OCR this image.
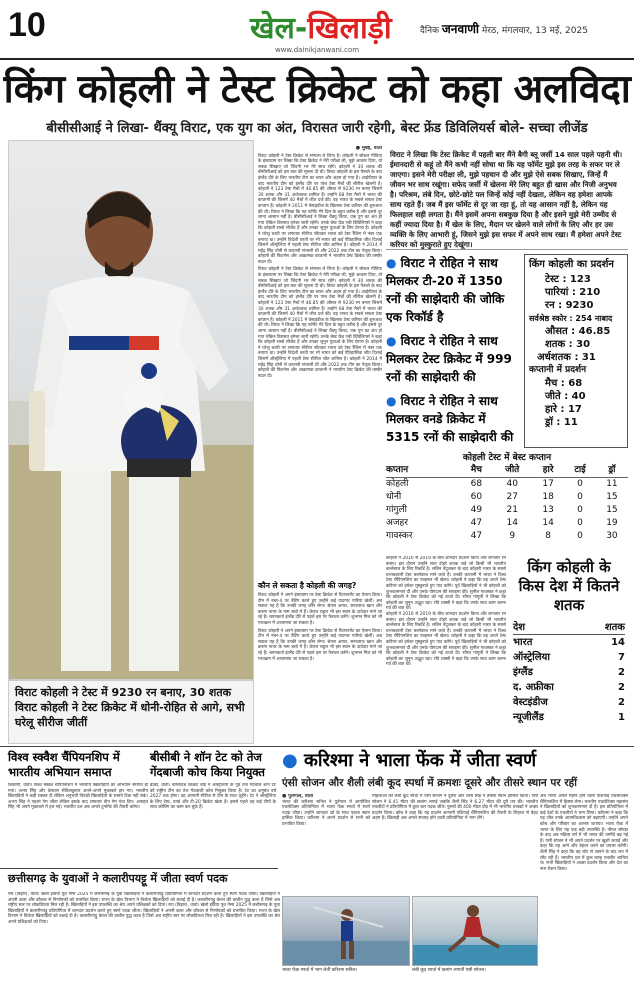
10	खेल-खिलाड़ी	दैनिक जनवाणी मेरठ, मंगलवार, 13 मई, 2025
www.dainikjanwani.com
किंग कोहली ने टेस्ट क्रिकेट को कहा अलविदा
बीसीसीआई ने लिखा- थैंक्यू विराट, एक युग का अंत, विरासत जारी रहेगी, बेस्ट फ्रेंड डिविलियर्स बोले- सच्चा लीजेंड
विराट कोहली ने टेस्ट में 9230 रन बनाए, 30 शतक विराट कोहली ने टेस्ट क्रिकेट में धोनी-रोहित से आगे, सभी घरेलू सीरीज जीतीं

● मुंबई, वार्ता

विराट कोहली ने टेस्ट क्रिकेट से संन्यास ले लिया है। कोहली ने सोशल मीडिया के इंस्टाग्राम पर लिखा कि टेस्ट क्रिकेट ने मेरी परीक्षा ली, मुझे आकार दिया, वो सबक सिखाए जो जिंदगी भर मेरे साथ रहेंगे। कोहली ने 30 शतक की बीसीसीआई को इस बात की सूचना दी थी। विराट कोहली के इस फैसले के बाद इंग्लैंड दौरे के लिए भारतीय टीम का चयन और अहम हो गया है। आईपीएल के बाद भारतीय टीम को इंग्लैंड दौरे पर पांच टेस्ट मैचों की सीरीज खेलनी है। कोहली ने 123 टेस्ट मैचों में 46.85 की औसत से 9230 रन बनाए जिसमें 30 शतक और 31 अर्धशतक शामिल हैं। उन्होंने 68 टेस्ट मैचों में भारत की कप्तानी की जिसमें 40 मैचों में जीत दर्ज की। वह भारत के सबसे सफल टेस्ट कप्तान हैं। कोहली ने 2011 में वेस्टइंडीज के खिलाफ टेस्ट करियर की शुरुआत की थी। विराट ने लिखा कि यह फॉर्मेट मेरे दिल के बहुत करीब है और इससे दूर जाना आसान नहीं है। बीसीसीआई ने लिखा थैंक्यू विराट, एक युग का अंत हो गया लेकिन विरासत हमेशा जारी रहेगी। उनके बेस्ट फ्रेंड एबी डिविलियर्स ने कहा कि कोहली सच्चे लीजेंड हैं और उनका जुनून युवाओं के लिए प्रेरणा है। कोहली ने घरेलू धरती पर लगातार सीरीज जीतकर भारत को टेस्ट रैंकिंग में नंबर एक बनाया था। उन्होंने विदेशी धरती पर भी भारत को कई ऐतिहासिक जीत दिलाईं जिसमें ऑस्ट्रेलिया में पहली टेस्ट सीरीज जीत शामिल है। कोहली ने 2014 में महेंद्र सिंह धोनी से कप्तानी संभाली थी और 2022 तक टीम का नेतृत्व किया। कोहली की फिटनेस और आक्रामक कप्तानी ने भारतीय टेस्ट क्रिकेट की तस्वीर बदल दी।

विराट कोहली ने टेस्ट क्रिकेट से संन्यास ले लिया है। कोहली ने सोशल मीडिया के इंस्टाग्राम पर लिखा कि टेस्ट क्रिकेट ने मेरी परीक्षा ली, मुझे आकार दिया, वो सबक सिखाए जो जिंदगी भर मेरे साथ रहेंगे। कोहली ने 30 शतक की बीसीसीआई को इस बात की सूचना दी थी। विराट कोहली के इस फैसले के बाद इंग्लैंड दौरे के लिए भारतीय टीम का चयन और अहम हो गया है। आईपीएल के बाद भारतीय टीम को इंग्लैंड दौरे पर पांच टेस्ट मैचों की सीरीज खेलनी है। कोहली ने 123 टेस्ट मैचों में 46.85 की औसत से 9230 रन बनाए जिसमें 30 शतक और 31 अर्धशतक शामिल हैं। उन्होंने 68 टेस्ट मैचों में भारत की कप्तानी की जिसमें 40 मैचों में जीत दर्ज की। वह भारत के सबसे सफल टेस्ट कप्तान हैं। कोहली ने 2011 में वेस्टइंडीज के खिलाफ टेस्ट करियर की शुरुआत की थी। विराट ने लिखा कि यह फॉर्मेट मेरे दिल के बहुत करीब है और इससे दूर जाना आसान नहीं है। बीसीसीआई ने लिखा थैंक्यू विराट, एक युग का अंत हो गया लेकिन विरासत हमेशा जारी रहेगी। उनके बेस्ट फ्रेंड एबी डिविलियर्स ने कहा कि कोहली सच्चे लीजेंड हैं और उनका जुनून युवाओं के लिए प्रेरणा है। कोहली ने घरेलू धरती पर लगातार सीरीज जीतकर भारत को टेस्ट रैंकिंग में नंबर एक बनाया था। उन्होंने विदेशी धरती पर भी भारत को कई ऐतिहासिक जीत दिलाईं जिसमें ऑस्ट्रेलिया में पहली टेस्ट सीरीज जीत शामिल है। कोहली ने 2014 में महेंद्र सिंह धोनी से कप्तानी संभाली थी और 2022 तक टीम का नेतृत्व किया। कोहली की फिटनेस और आक्रामक कप्तानी ने भारतीय टेस्ट क्रिकेट की तस्वीर बदल दी।

कौन ले सकता है कोहली की जगह?

विराट कोहली ने अपने इंस्टाग्राम पर टेस्ट क्रिकेट से रिटायरमेंट का ऐलान किया। टीम में नंबर-4 पर बैटिंग करते हुए उन्होंने कई यादगार पारियां खेलीं। अब सवाल यह है कि उनकी जगह कौन लेगा। श्रेयस अय्यर, सरफराज खान और करुण नायर के नाम चर्चा में हैं। केएल राहुल भी इस स्थान के दावेदार माने जा रहे हैं। चयनकर्ता इंग्लैंड दौरे से पहले इस पर फैसला करेंगे। शुभमन गिल को भी मध्यक्रम में आजमाया जा सकता है।

विराट कोहली ने अपने इंस्टाग्राम पर टेस्ट क्रिकेट से रिटायरमेंट का ऐलान किया। टीम में नंबर-4 पर बैटिंग करते हुए उन्होंने कई यादगार पारियां खेलीं। अब सवाल यह है कि उनकी जगह कौन लेगा। श्रेयस अय्यर, सरफराज खान और करुण नायर के नाम चर्चा में हैं। केएल राहुल भी इस स्थान के दावेदार माने जा रहे हैं। चयनकर्ता इंग्लैंड दौरे से पहले इस पर फैसला करेंगे। शुभमन गिल को भी मध्यक्रम में आजमाया जा सकता है।

विराट ने लिखा कि टेस्ट क्रिकेट में पहली बार मैंने बैगी ब्लू जर्सी 14 साल पहले पहनी थी। ईमानदारी से कहूं तो मैंने कभी नहीं सोचा था कि यह फॉर्मेट मुझे इस तरह के सफर पर ले जाएगा। इसने मेरी परीक्षा ली, मुझे पहचान दी और मुझे ऐसे सबक सिखाए, जिन्हें मैं जीवन भर साथ रखूंगा। सफेद जर्सी में खेलना मेरे लिए बहुत ही खास और निजी अनुभव है। परिश्रम, लंबे दिन, छोटे-छोटे पल जिन्हें कोई नहीं देखता, लेकिन वह हमेशा आपके साथ रहते हैं। जब मैं इस फॉर्मेट से दूर जा रहा हूं, तो यह आसान नहीं है, लेकिन यह फिलहाल सही लगता है। मैंने इसमें अपना सबकुछ दिया है और इसने मुझे मेरी उम्मीद से कहीं ज्यादा दिया है। मैं खेल के लिए, मैदान पर खेलने वाले लोगों के लिए और हर उस व्यक्ति के लिए आभारी हूं, जिसने मुझे इस सफर में अपने साथ रखा। मैं हमेशा अपने टेस्ट करियर को मुस्कुराते हुए देखूंगा।
● विराट ने रोहित ने साथ मिलकर टी-20 में 1350 रनों की साझेदारी की जोकि एक रिकॉर्ड है
● विराट ने रोहित ने साथ मिलकर टेस्ट क्रिकेट में 999 रनों की साझेदारी की
● विराट ने रोहित ने साथ मिलकर वनडे क्रिकेट में 5315 रनों की साझेदारी की
किंग कोहली का प्रदर्शन
टेस्ट : 123
पारियां : 210
रन : 9230
सर्वश्रेष्ठ स्कोर : 254 नाबाद
औसत : 46.85
शतक : 30
अर्धशतक : 31
कप्तानी में प्रदर्शन
मैच : 68
जीते : 40
हारे : 17
ड्रॉ : 11
कोहली टेस्ट में बेस्ट कप्तान
कप्तान	मैच	जीते	हारे	टाई	ड्रॉ
कोहली	68	40	17	0	11
धोनी	60	27	18	0	15
गांगुली	49	21	13	0	15
अजहर	47	14	14	0	19
गावस्कर	47	9	8	0	30

कोहली ने 2016 से 2019 के बीच शानदार प्रदर्शन किया और लगातार रन बनाए। इस दौरान उन्होंने सात दोहरे शतक जड़े जो किसी भी भारतीय बल्लेबाज के लिए रिकॉर्ड है। सचिन तेंदुलकर के बाद कोहली भारत के सबसे प्रभावशाली टेस्ट बल्लेबाज माने जाते हैं। उनकी कप्तानी में भारत ने विश्व टेस्ट चैंपियनशिप का फाइनल भी खेला। कोहली ने कहा कि वह अपने टेस्ट करियर को हमेशा मुस्कुराते हुए याद करेंगे। पूर्व खिलाड़ियों ने भी कोहली को शुभकामनाएं दीं और उनके योगदान की सराहना की। सुनील गावस्कर ने कहा कि कोहली ने टेस्ट क्रिकेट को नई ऊर्जा दी। सौरव गांगुली ने लिखा कि कोहली का जुनून अद्भुत रहा। रवि शास्त्री ने कहा कि उनके साथ काम करना गर्व की बात थी।

कोहली ने 2016 से 2019 के बीच शानदार प्रदर्शन किया और लगातार रन बनाए। इस दौरान उन्होंने सात दोहरे शतक जड़े जो किसी भी भारतीय बल्लेबाज के लिए रिकॉर्ड है। सचिन तेंदुलकर के बाद कोहली भारत के सबसे प्रभावशाली टेस्ट बल्लेबाज माने जाते हैं। उनकी कप्तानी में भारत ने विश्व टेस्ट चैंपियनशिप का फाइनल भी खेला। कोहली ने कहा कि वह अपने टेस्ट करियर को हमेशा मुस्कुराते हुए याद करेंगे। पूर्व खिलाड़ियों ने भी कोहली को शुभकामनाएं दीं और उनके योगदान की सराहना की। सुनील गावस्कर ने कहा कि कोहली ने टेस्ट क्रिकेट को नई ऊर्जा दी। सौरव गांगुली ने लिखा कि कोहली का जुनून अद्भुत रहा। रवि शास्त्री ने कहा कि उनके साथ काम करना गर्व की बात थी।

किंग कोहली के किस देश में कितने शतक
देश	शतक
भारत	14
ऑस्ट्रेलिया	7
इंग्लैंड	2
द. अफ्रीका	2
वेस्टइंडीज	2
न्यूजीलैंड	1
विश्व स्क्वैश चैंपियनशिप में भारतीय अभियान समाप्त
शिकागो, वार्ता। विश्व स्क्वैश चैंपियनशिप में भारतीय खिलाड़ियों का अभियान समाप्त हो गया। अभय सिंह और वेलावन सेंथिलकुमार अपने-अपने मुकाबले हार गए। भारतीय खिलाड़ियों ने कड़ी टक्कर दी लेकिन अनुभवी विपक्षी खिलाड़ियों के सामने टिक नहीं सके। अभय सिंह ने पहला गेम जीता लेकिन इसके बाद लगातार तीन गेम गंवा दिए। अनाहत सिंह भी अपने मुकाबले में हार गईं। भारतीय दल अब अगले टूर्नामेंट की तैयारी करेगा।
बीसीबी ने शॉन टेट को तेज गेंदबाजी कोच किया नियुक्त
ढाका, वार्ता। बांग्लादेश क्रिकेट बोर्ड ने ऑस्ट्रेलिया के पूर्व तेज गेंदबाज शॉन टेट को राष्ट्रीय टीम का तेज गेंदबाजी कोच नियुक्त किया है। टेट का अनुबंध वर्ष 2027 तक होगा। वह आगामी सीरीज से टीम के साथ जुड़ेंगे। टेट ने ऑस्ट्रेलिया के लिए टेस्ट, वनडे और टी-20 क्रिकेट खेला है। इससे पहले वह कई टीमों के साथ कोचिंग का काम कर चुके हैं।
छत्तीसगढ़ के युवाओं ने कलारीपयट्टू में जीता स्वर्ण पदक
राय (बिहार), वार्ता। खेलो इंडिया यूथ गेम्स 2025 में छत्तीसगढ़ के युवा खिलाड़ियों ने कलारीपयट्टू प्रतियोगिता में शानदार प्रदर्शन करते हुए स्वर्ण पदक जीता। खिलाड़ियों ने अपनी कला और कौशल से निर्णायकों को प्रभावित किया। राज्य के खेल विभाग ने विजेता खिलाड़ियों को बधाई दी है। कलारीपयट्टू केरल की प्राचीन युद्ध कला है जिसे अब राष्ट्रीय स्तर पर लोकप्रियता मिल रही है। खिलाड़ियों ने इस उपलब्धि का श्रेय अपने प्रशिक्षकों को दिया। राय (बिहार), वार्ता। खेलो इंडिया यूथ गेम्स 2025 में छत्तीसगढ़ के युवा खिलाड़ियों ने कलारीपयट्टू प्रतियोगिता में शानदार प्रदर्शन करते हुए स्वर्ण पदक जीता। खिलाड़ियों ने अपनी कला और कौशल से निर्णायकों को प्रभावित किया। राज्य के खेल विभाग ने विजेता खिलाड़ियों को बधाई दी है। कलारीपयट्टू केरल की प्राचीन युद्ध कला है जिसे अब राष्ट्रीय स्तर पर लोकप्रियता मिल रही है। खिलाड़ियों ने इस उपलब्धि का श्रेय अपने प्रशिक्षकों को दिया।
● करिश्मा ने भाला फेंक में जीता स्वर्ण
एंसी सोजन और शैली लंबी कूद स्पर्धा में क्रमशः दूसरे और तीसरे स्थान पर रहीं

● पुर्तगाल, वार्ता

भारत की करिश्मा सनिल ने पुर्तगाल में आयोजित एथलेटिक्स प्रतियोगिता में भाला फेंक स्पर्धा में स्वर्ण पदक जीता। उन्होंने शानदार थ्रो के साथ पहला स्थान हासिल किया। करिश्मा ने अपने प्रदर्शन से सभी को प्रभावित किया।

महिलाओं की लंबी कूद स्पर्धा में एंसी सोजन ने दूसरा और शैली सिंह ने तीसरा स्थान हासिल किया। एंसी सोजन ने 6.41 मीटर की छलांग लगाई जबकि शैली सिंह ने 6.27 मीटर की दूरी तय की। भारतीय एथलीटों ने प्रतियोगिता में कुल चार पदक जीते। पुरुषों की 400 मीटर दौड़ में भी भारतीय धावकों ने अच्छा प्रदर्शन किया। कोच ने कहा कि यह प्रदर्शन आगामी एशियाई चैंपियनशिप की तैयारी के लिहाज से बेहद अहम है। खिलाड़ी अब अगले सप्ताह होने वाली प्रतियोगिता में भाग लेंगे।
अब भारत अगले महीने होने वाली एशियाई एथलेटिक्स चैंपियनशिप में हिस्सा लेगा। भारतीय एथलेटिक्स महासंघ ने खिलाड़ियों को शुभकामनाएं दी हैं। इस प्रतियोगिता में कई देशों के एथलीटों ने भाग लिया। करिश्मा ने कहा कि यह जीत उनके आत्मविश्वास को बढ़ाएगी। उन्होंने अपने कोच और परिवार का आभार जताया। भाला फेंक में भारत के लिए यह एक बड़ी उपलब्धि है। नीरज चोपड़ा के बाद अब महिला वर्ग में भी भारत की उम्मीदें बढ़ गई हैं। एंसी सोजन ने भी अपने प्रदर्शन पर खुशी जताई और कहा कि वह आगे और बेहतर करने का प्रयास करेंगी। शैली सिंह ने कहा कि वह चोट से उबरने के बाद लय में लौट रही हैं। भारतीय दल में कुल बारह एथलीट शामिल थे। सभी खिलाड़ियों ने अच्छा प्रदर्शन किया और देश का नाम रोशन किया।
भाला फेंक स्पर्धा में भाग लेतीं करिश्मा सनिल।	लंबी कूद स्पर्धा में छलांग लगातीं एंसी सोजन।
